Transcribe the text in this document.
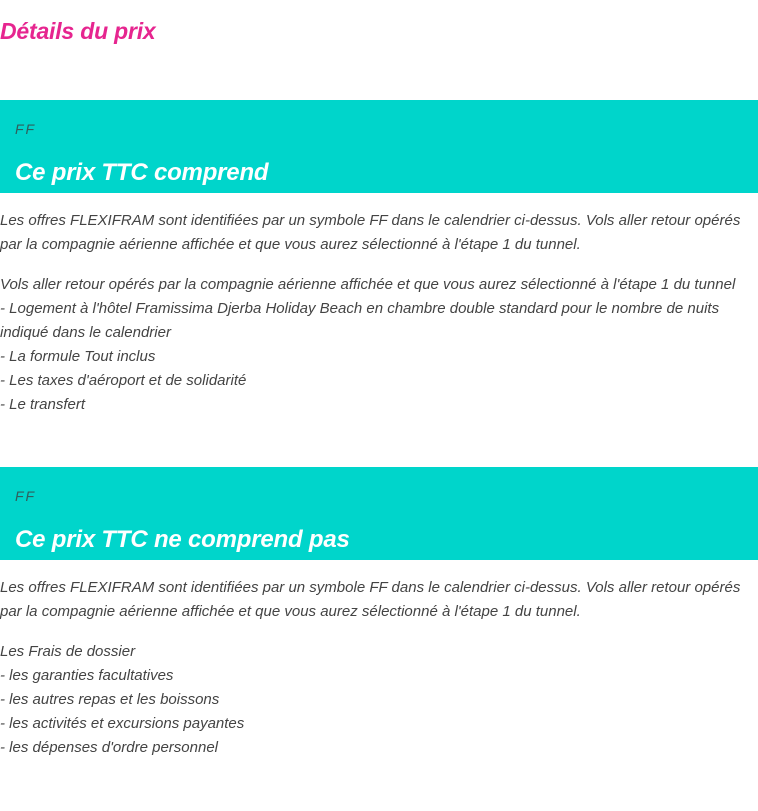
Détails du prix
FF
Ce prix TTC comprend

Les offres FLEXIFRAM sont identifiées par un symbole FF dans le calendrier ci-dessus. Vols aller retour opérés par la compagnie aérienne affichée et que vous aurez sélectionné à l'étape 1 du tunnel.

Vols aller retour opérés par la compagnie aérienne affichée et que vous aurez sélectionné à l'étape 1 du tunnel
- Logement à l'hôtel Framissima Djerba Holiday Beach en chambre double standard pour le nombre de nuits indiqué dans le calendrier
- La formule Tout inclus
- Les taxes d'aéroport et de solidarité
- Le transfert

FF
Ce prix TTC ne comprend pas

Les offres FLEXIFRAM sont identifiées par un symbole FF dans le calendrier ci-dessus. Vols aller retour opérés par la compagnie aérienne affichée et que vous aurez sélectionné à l'étape 1 du tunnel.

Les Frais de dossier
- les garanties facultatives
- les autres repas et les boissons
- les activités et excursions payantes
- les dépenses d'ordre personnel
